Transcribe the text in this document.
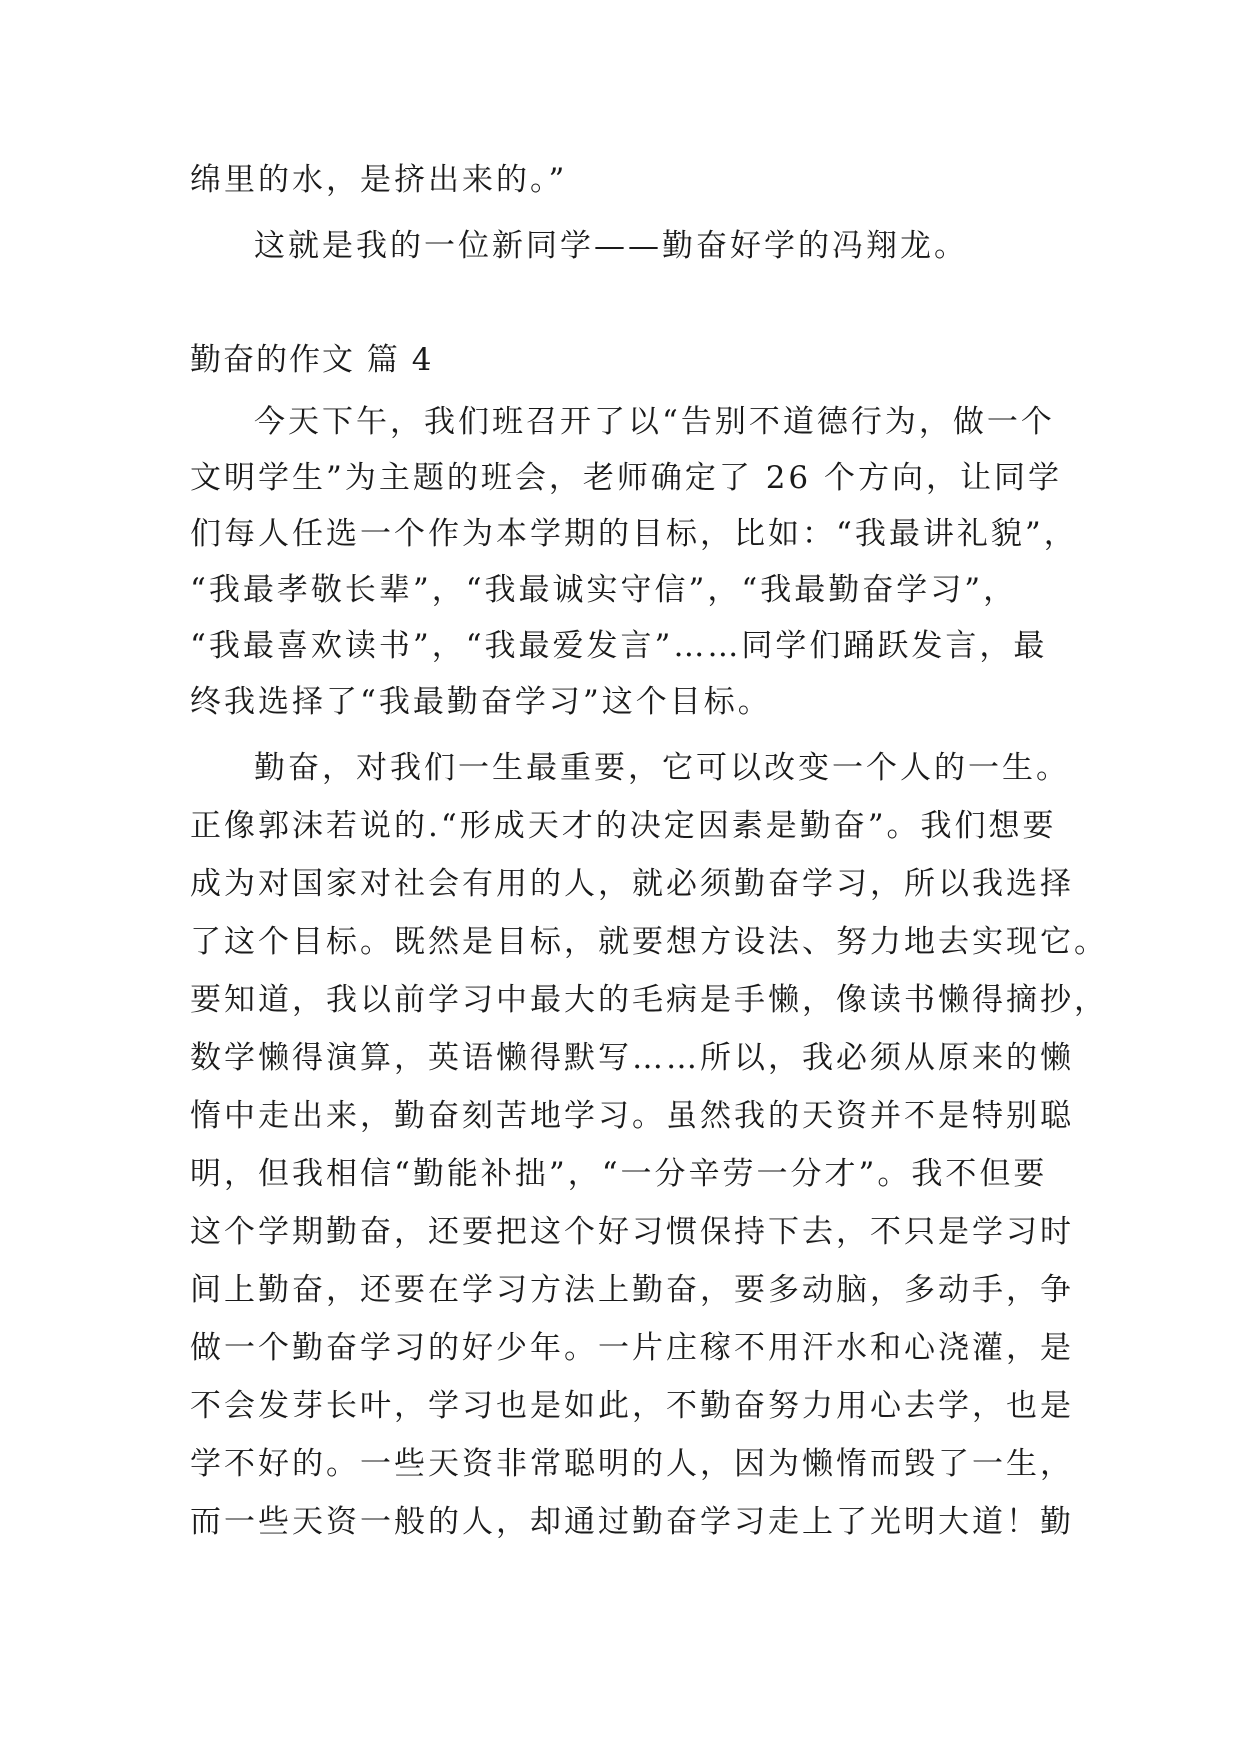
绵里的水，是挤出来的。”
这就是我的一位新同学——勤奋好学的冯翔龙。
勤奋的作文 篇 4
今天下午，我们班召开了以“告别不道德行为，做一个
文明学生”为主题的班会，老师确定了 26 个方向，让同学
们每人任选一个作为本学期的目标，比如：“我最讲礼貌”，
“我最孝敬长辈”，“我最诚实守信”，“我最勤奋学习”，
“我最喜欢读书”，“我最爱发言”……同学们踊跃发言，最
终我选择了“我最勤奋学习”这个目标。
勤奋，对我们一生最重要，它可以改变一个人的一生。
正像郭沫若说的.“形成天才的决定因素是勤奋”。我们想要
成为对国家对社会有用的人，就必须勤奋学习，所以我选择
了这个目标。既然是目标，就要想方设法、努力地去实现它。
要知道，我以前学习中最大的毛病是手懒，像读书懒得摘抄，
数学懒得演算，英语懒得默写……所以，我必须从原来的懒
惰中走出来，勤奋刻苦地学习。虽然我的天资并不是特别聪
明，但我相信“勤能补拙”，“一分辛劳一分才”。我不但要
这个学期勤奋，还要把这个好习惯保持下去，不只是学习时
间上勤奋，还要在学习方法上勤奋，要多动脑，多动手，争
做一个勤奋学习的好少年。一片庄稼不用汗水和心浇灌，是
不会发芽长叶，学习也是如此，不勤奋努力用心去学，也是
学不好的。一些天资非常聪明的人，因为懒惰而毁了一生，
而一些天资一般的人，却通过勤奋学习走上了光明大道！勤
